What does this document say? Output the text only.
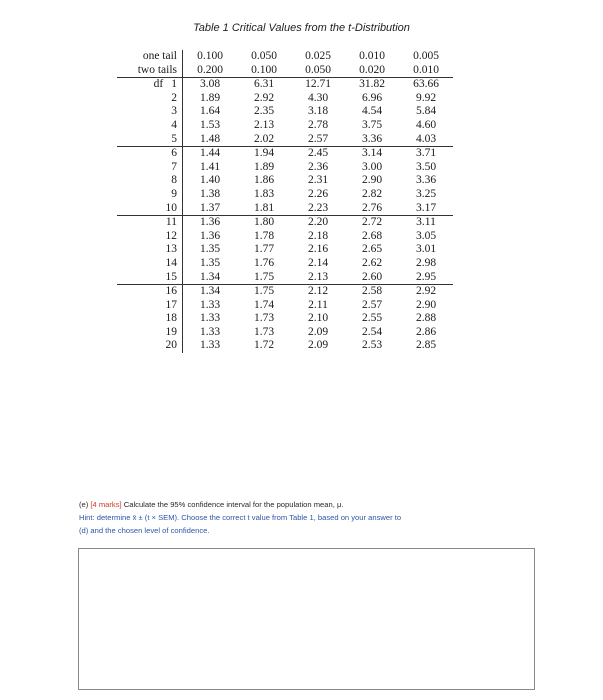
Table 1 Critical Values from the t-Distribution
one tail	0.100	0.050	0.025	0.010	0.005
two tails	0.200	0.100	0.050	0.020	0.010
df 1	3.08	6.31	12.71	31.82	63.66
2	1.89	2.92	4.30	6.96	9.92
3	1.64	2.35	3.18	4.54	5.84
4	1.53	2.13	2.78	3.75	4.60
5	1.48	2.02	2.57	3.36	4.03
6	1.44	1.94	2.45	3.14	3.71
7	1.41	1.89	2.36	3.00	3.50
8	1.40	1.86	2.31	2.90	3.36
9	1.38	1.83	2.26	2.82	3.25
10	1.37	1.81	2.23	2.76	3.17
11	1.36	1.80	2.20	2.72	3.11
12	1.36	1.78	2.18	2.68	3.05
13	1.35	1.77	2.16	2.65	3.01
14	1.35	1.76	2.14	2.62	2.98
15	1.34	1.75	2.13	2.60	2.95
16	1.34	1.75	2.12	2.58	2.92
17	1.33	1.74	2.11	2.57	2.90
18	1.33	1.73	2.10	2.55	2.88
19	1.33	1.73	2.09	2.54	2.86
20	1.33	1.72	2.09	2.53	2.85
(e) [4 marks] Calculate the 95% confidence interval for the population mean, μ.
Hint: determine x̄ ± (t × SEM). Choose the correct t value from Table 1, based on your answer to
(d) and the chosen level of confidence.
